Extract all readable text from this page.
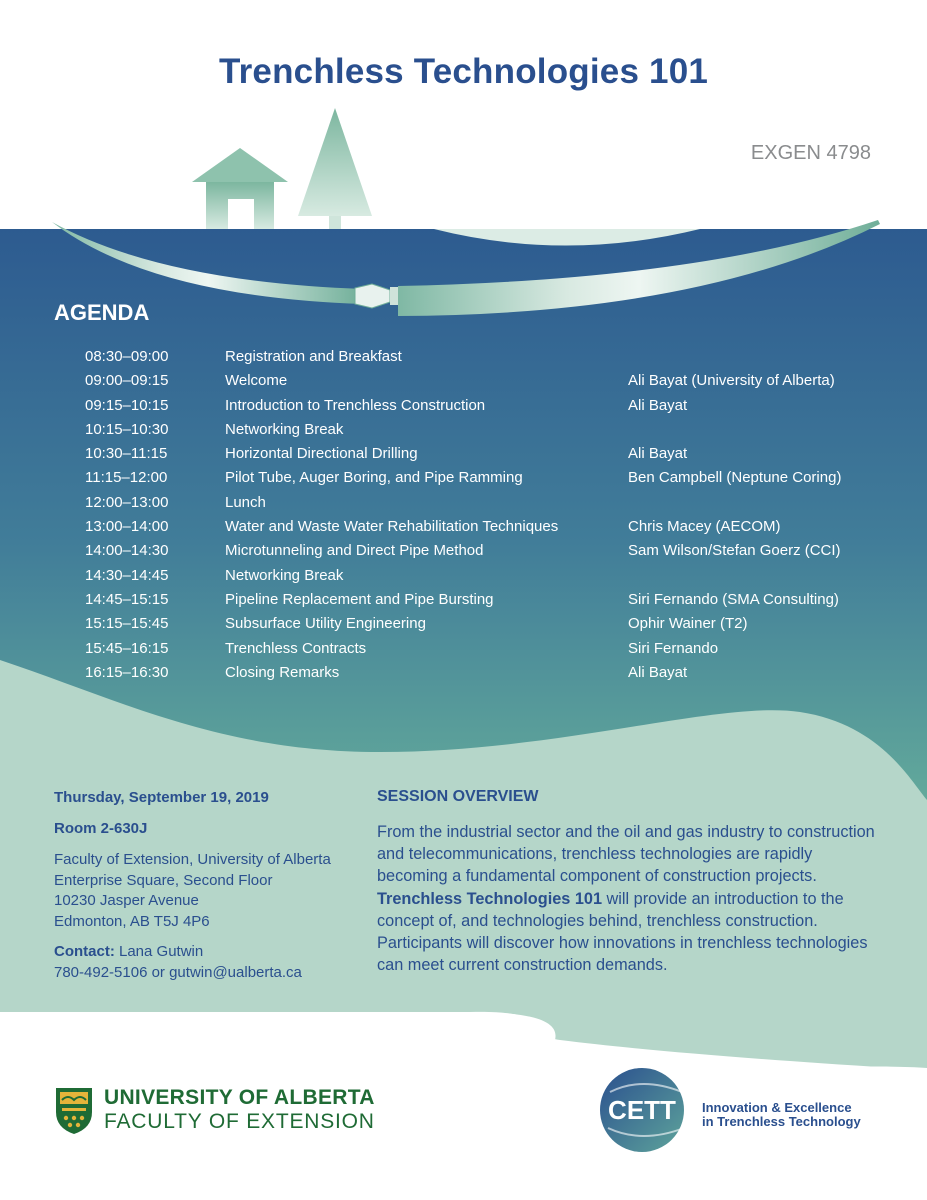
Trenchless Technologies 101
EXGEN 4798
AGENDA
08:30–09:00	Registration and Breakfast
09:00–09:15	Welcome	Ali Bayat (University of Alberta)
09:15–10:15	Introduction to Trenchless Construction	Ali Bayat
10:15–10:30	Networking Break
10:30–11:15	Horizontal Directional Drilling	Ali Bayat
11:15–12:00	Pilot Tube, Auger Boring, and Pipe Ramming	Ben Campbell (Neptune Coring)
12:00–13:00	Lunch
13:00–14:00	Water and Waste Water Rehabilitation Techniques	Chris Macey (AECOM)
14:00–14:30	Microtunneling and Direct Pipe Method	Sam Wilson/Stefan Goerz (CCI)
14:30–14:45	Networking Break
14:45–15:15	Pipeline Replacement and Pipe Bursting	Siri Fernando (SMA Consulting)
15:15–15:45	Subsurface Utility Engineering	Ophir Wainer (T2)
15:45–16:15	Trenchless Contracts	Siri Fernando
16:15–16:30	Closing Remarks	Ali Bayat
Thursday, September 19, 2019
Room 2-630J
Faculty of Extension, University of Alberta
Enterprise Square, Second Floor
10230 Jasper Avenue
Edmonton, AB T5J 4P6
Contact: Lana Gutwin
780-492-5106 or gutwin@ualberta.ca
SESSION OVERVIEW

From the industrial sector and the oil and gas industry to construction and telecommunications, trenchless technologies are rapidly becoming a fundamental component of construction projects. Trenchless Technologies 101 will provide an introduction to the concept of, and technologies behind, trenchless construction. Participants will discover how innovations in trenchless technologies can meet current construction demands.

UNIVERSITY OF ALBERTA
FACULTY OF EXTENSION	CETT Innovation & Excellence
in Trenchless Technology
